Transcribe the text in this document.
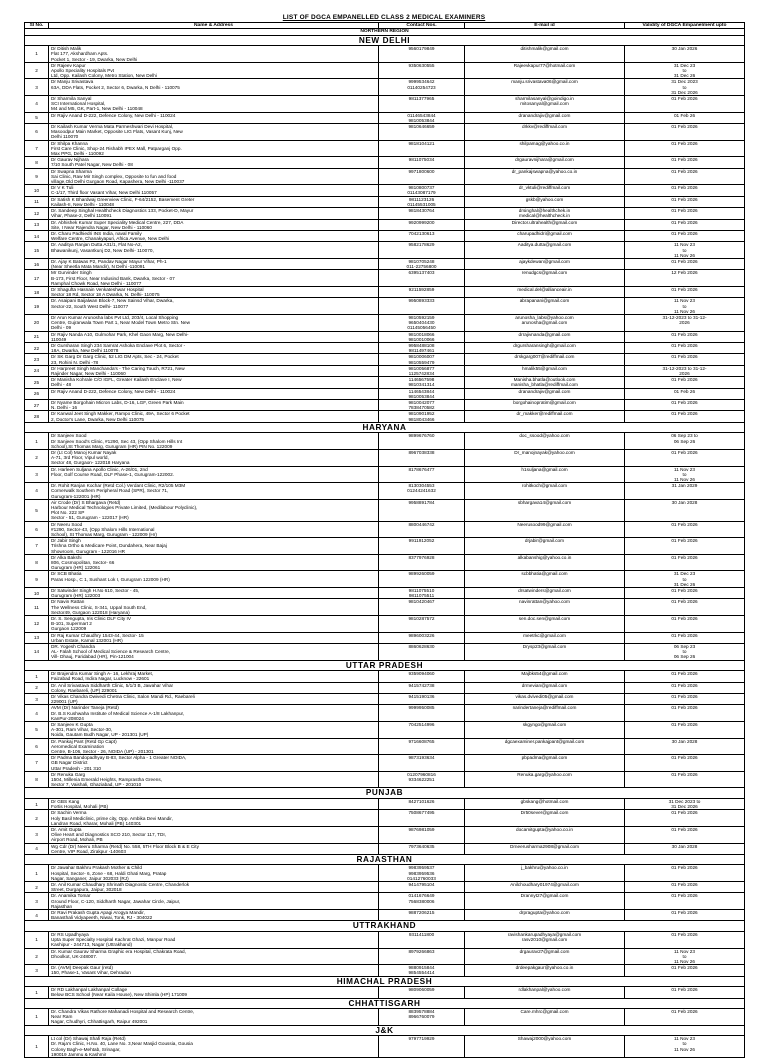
LIST OF DGCA EMPANELLED CLASS 2 MEDICAL EXAMINERS
Sl No.	Name & Address	Contact Nos.	E-mail id	Validity of DGCA Empanelment upto
NORTHERN REGION				
NEW DELHI				
1	Dr Ditish Malik
Flat 177, Akshardham Apts.
Pocket 1, Sector - 19, Dwarka, New Delhi	9560179849	ditishmalik@gmail.com	30 Jan 2026

2	Dr Rajeev Kapur
Apollo Speciality Hospitals Pvt
Ltd, Opp. Kailash Colony, Metro Station, New Delhi	9350630555	Rajeevkapur77@hotmail.com	31 Dec 23
to
31 Dec 26

3	Dr Manju Srivastava
63A, DDA Flats, Pocket 2, Sector 6, Dwarka, N Delhi - 110075	9999534642
01140254723	manju.srivastava06@gmail.com	31 Dec 2023
to
31 Dec 2026

4	Dr Sharmila Sanyal
SCI International Hospital,
M4 and M5, GK, Part-1, New Delhi - 110048	9811377965	sharmilasanyal@goindigo.in
mitosanyal@gmail.com	01 Feb 2026

5	Dr Rajiv Anand D-222, Defence Colony, New Delhi - 110024	01146543844
9810053844	dranandrajiv@gmail.com	01 Feb 26

6	Dr Kailash Kumar Verma Mata Parmeshwari Devi Hospital,
Masoodpur Main Market, Opposite LIG Flats, Vasant Kunj, New
Delhi 110070	9810646659	drkkv@rediffmail.com	01 Feb 2026

7	Dr Shilpa Khanna
First Care Clinic, Shop-24 Rishabh IPEX Mall, Patparganj Opp.
Max PPG, Delhi - 110092	9818104121	shilpamag@yahoo.co.in	01 Feb 2026

8	Dr Gaurav Nijhara
7/10 South Patel Nagar, New Delhi - 08	9811075034	drgauravnijhara@gmail.com	01 Feb 2026

9	Dr Swapna Sharma
Sai Clinic, Raw Mir Singh complex, Opposite to fun and food
village,Old Delhi Gurgaon Road, Kapashera, New Delhi -110037	9971800600	dr_pankajswapna@yahoo.co.in	01 Feb 2026

10	Dr V K Tuli
C-1/17, Third floor Vasant Vihar, New Delhi 110057	9810800737
01143087179	dr_vktuli@rediffmail.com	01 Feb 2026

11	Dr Satish K Bhardwaj Greenview Clinic, F-64/2152, Basement Greter
Kailash-II, New Delhi - 110048	9811123126
01145531005	gskb@yahoo.com	01 Feb 2026

12	Dr. Sandeep Singhal Healthcheck Diagnostics 133, Pocket-D, Mayur
Vihar, Phase-2, Delhi 110091	9818430764	drsinghal@healthchek.in
medical@healthcheck.in	01 Feb 2026

13	Dr. Abhishek Kumar Super Speciality Medical Centre, 227, DDA
Site, I Near Rajendra Nagar, New Delhi - 110060	9920999200	Director.ultrahealth@gmail.com	01 Feb 2026

14	Dr. Charu Padhiedri INS India, naval Family
Welfare Centre, Chanakyapuri, Africa Avenue, New Delhi	7042130613	charupadhidri@gmail.com	01 Feb 2026

15	Dr. Aaditya Ranjan Dutta A31/1, Flat No-A2,
Bhawanikunj, Vasantkunj D2, New Delhi- 110070,	9582178629	Aaditya.dutta@gmail.com	11 Nov 23
to
11 Nov 26

16	Dr. Ajay K Batwas P2, Pandav Nagar Mayur Vihar, Ph-1
(Near Sheetla Mata Mandir), N Delhi -110091	9810705248
011-22756800	ajaykdewan@gmail.com	01 Feb 2026

17	Mr Gurvinder Singh
B-173, First Floor, Near Indusind Bank, Dwarka, Sector - 07
Ramphal Chowk Road, New Delhi - 110077	6395137403	renudgcs@gmail.com	12 Feb 2026

18	Dr Shagufta Hasnain Venkateshwar Hospital
Sector 18 Rd, Sector 18 A Dwarka, N. Delhi- 110075	9211592859	medical.del@allianceair.in	01 Feb 2026

19	Dr. Asaipani Baijalwan Block-7, New Sainsd Vihar, Dwarka,
Sector-22, South West Delhi- 110077	9950893333	abrapanani@gmail.com	11 Nov 23
to
11 Nov 26

20	Dr Arun Kumar Arunosha labs Pvt Ltd, 203/4, Local Shopping
Centre, Gujranwala Town Part 1, Near Model Town Metro Stn. New
Delhi - 09	9810592159
9650404430
01145056450	arunosha_labs@yahoo.com
arunosha@gmail.com	31-12-2023 to 31-12-
2026

21	Dr Rajiv Nanda A10, Gulmohar Park, Khel Gaon Marg, New Delhi-
110049	9810018066
9810010066	drrajivnanda@gmail.com	01 Feb 2026

22	Dr Gursharan Singh 234 Samrat Ashoka Enclave Plot 6, Sector -
18A, Dwarka, New Delhi 110078	9958488108
9811497461	drgursharansingh@gmail.com	01 Feb 2026

23	Dr SK Garg Dr Garg Clinic, 52 LIG DM Apts, Sec - 24, Pocket
23, Rohini N. Delhi -78	9810006007
9810559479	drskgarg007@rediffmail.com	01 Feb 2026

24	Dr Harpreet Singh Manchanda's - The Caring Touch, R721, New
Rajinder Nagar, New Delhi - 110060	9810056877
1125742834	hmalik55@gmail.com	31-12-2023 to 31-12-
2026

25	Dr Manisha Kohrale C/O IGFL, Greater Kailash Enclave I, New
Delhi - 48	1146567598
9810341314	Manisha.bhatla@outlook.com
manisha_bhatla@rediffmail.com	01 Feb 2026

26	Dr Rajiv Anand D-222, Defence Colony, New Delhi - 110024	1146543844
9810053844	dranandrajiv@gmail.com	01 Feb 26

27	Dr Nyame Borgohain Micron Labs, D-16, LGF, Green Park Main
N. Delhi - 16	9810042077
7838470582	borgohainopratim@gmail.com	01 Feb 2026

28	Dr Kanwal Jeet Singh Makker, Rampo Clinic, 49A, Sector 6 Pocket
2, Doctor's Lane, Dwarka, New Delhi 110075	9810901952
9818043466	dr_makker@rediffmail.com	01 Feb 2026

HARYANA				
1	Dr Sanjeev Sood
Dr Sanjeev Sood's Clinic, #1290, Sec 43, (Opp Shalom Hills Int
School),St Thomas Marg, Gurugram (HR) PIN No. 122009	9899676760	doc_ssood@yahoo.com	06 Sep 23 to
06 Sep 26

2	Dr (Lt Col) Manoj Kumar Nayak
A-71, 3rd Floor, Vipul world,
Sector 48, Gurgaon- 122018 Haryana	8967038338	Dr_manojnayak@yahoo.com	01 Feb 2026

3	Dr. Harleen Suljana Apollo Clinic, A-26/01, 2nd
Floor, Golf Course Road, DLF Phase-1, Gurugram-122002.	8178676477	h1suljana@gmail.com	11 Nov 23
to
11 Nov 26

4	Dr. Rohit Ranjan Kochar (Retd Col.) Verdant Clinic, R2/105 M3M
Cornerwalk Southern Peripheral Road (SPR), Sector 71,
Gurugram-122001 (HR)	8130304553
01244241632	rohitkoch@gmail.com	31 Jan 2029

5	Air Crode (Dr) S Bhargava (Retd)
Harbour Medical Technologies Private Limited, (Medilabour Polyclinic),
Plot No. 222 SP
Sector - 51, Gurugram - 122017 (HR)	9958891784	sbhargava14@gmail.com	30 Jan 2028

6	Dr Neeru Sood
#1290, Sector-43, (Opp Shalom Hills International
School), St Thomas Marg, Gurugram - 122009 (Hr)	8800446742	Neerusood99@gmail.com	01 Feb 2026

7	Dr Jabir Singh
Trishna Ortho & Medicare Point, Dundahera, Near Bajaj
Showroom, Gurugram - 122016 HR	9911912052	drjabir@gmail.com	01 Feb 2026

8	Dr Alka Bakshi
806, Cosmopolitan, Sector- 66
Gurugram (HR) 122061	8377976928	alkabanshig@yahoo.co.in	01 Feb 2026

9	Dr SCB Bhatia
Paras Hosp., C 1, Sushant Lok I, Gurugram 122009 (HR)	9899260059	scbbhatia@gmail.com	31 Dec 23
to
31 Dec 26

10	Dr Satwinder Singh H.No 610, Sector - 45,
Gurugram (HR) 122003	9811075510
9811075511	drsatwinders@gmail.com	01 Feb 2026

11	Dr Navin Rattan
The Wellness Clinic, S-341, Uppal South End,
Sector49, Gurgaon 122018 (Haryana)	9810420467	navinrattan@yahoo.com	01 Feb 2026

12	Dr. S. Sengupta, Iris Clinic DLF City IV
B-101, Supermart 2
Gurgaon 122009	9810287572	sen.doc.sen@gmail.com	01 Feb 2026

13	Dr Raj Kumar Chaudhry 1543-44, Sector- 15
Urban Estate, Karnal 132001 (HR)	9896003226	meetrkc@gmail.com	01 Feb 2026

14	DR. Yogesh Chandra
AL- Falah School of Medical Science & Research Centre,
Vill- Dhauj, Faridabad (HR), Pin-121004	8860628630	Drysp23@gmail.com	06 Sep 23
to
06 Sep 26

UTTAR PRADESH				
1	Dr Brajendra Kumar Singh A- 16, Lekhraj Market,
Faizabad Road, Indira Nagar, Lucknow - 22601	9359094060	Majbks54@gmail.com	01 Feb 2026

2	Dr. Anil Srivastava Siddharth Clinic, 5/1/3 B, Jawahar Vihar
Colony, Raebareli, (UP) 229001	9415742738	drmevian@gmail.com	01 Feb 2026

3	Dr Vikas Chandra Dwivedi Chetna Clinic, Salon Mandi Rd., Raebareli
229001 (UP)	9415190136	vikas.dvivedi05@gmail.com	01 Feb 2026

4	AVM (Dr) Narinder Taneja (Retd)
Dr. B.S Kushwaha Institute of Medical Science A-1/8 Lakhanpur,
KanPur-208024	9999950085	narindertaneja@rediffmail.com	01 Feb 2026

5	Dr Sanjeev K Gupta
A-301, Ram Vihar, Sector-30,
Noida, Gautam Budh Nagar, UP - 201301 (UP)	7042514996	skgyngo@gmail.com	01 Feb 2026

6	Dr. Pankaj Pant (Retd Gp Capt)
Aeromedical Examination
Centre, B-106, Sector - 26, NOIDA (UP) - 201301	9716608765	dgcaexaminer.pankajpant@gmail.com	30 Jan 2028

7	Dr Padma Bandopadhyay B-83, Sector Alpha - 1 Greater NOIDA,
GB Nagar District
Uttar Pradesh - 201 310	9873193634	pbpadma@gmail.com	01 Feb 2026

8	Dr Renuka Garg
1504, Millenia Emerald Heights, Ramprastha Greens,
Sector 7, Vaishali, Ghaziabad, UP - 201010	01207960816
9334622251	Renuka.garg@yahoo.com	01 Feb 2026

PUNJAB				
1	Dr GBS Kang
Fortis Hospital, Mohali (PB)	8427101626	gbskang@hotmail.com	31 Dec 2023 to
31 Dec 2026

2	Dr Sachin Verma
Holy Basil Mediclinic, prime city, Opp. Ambika Devi Mandir,
Landran Road, Kharar, Mohali (PB) 140301	7508677495	Dr50sever@gmail.com	01 Feb 2026

3	Dr. Amit Gupta
Olive Heart and Diagnostics SCO 210, Sector 117, TDI,
Airport Road, Mohali, PB	9876981059	docamitgupta@yahoo.co.in	01 Feb 2026

4	Wg Cdr (Dr) Neeru Sharma (Retd) No. 558, 5TH Floor Block B & E City
Centre, VIP Road, Zirakpur -140603	7973640635	Drneerusharma2908@gmail.com	30 Jan 2028

RAJASTHAN				
1	Dr Jawahar Bakhru Prakash Mother & Child
Hospital, Sector- 6, Zone - 68, Haldi Ghati Marg, Pratap
Nagar, Sanganer, Jaipur 302033 (RJ)	9983959537
9983959536
01412760033	j_bakhru@yahoo.co.in	01 Feb 2026

2	Dr. Anil Kumar Chaudhary Shrinath Diagnostic Centre, Chanderlok
Street, Durgapura, Jaipur, 302018	9414795104	Anilchoudhary01974@gmail.com	01 Feb 2026

3	Dr. Anamika Tomar
Ground Floor, C-120, Siddharth Nagar, Jawahar Circle, Jaipur,
Rajasthan	0141676649
7568380006	Drannyt27@gmail.com	01 Feb 2026

4	Dr Ravi Prakash Gupta Apagi Arogya Mandir,
Banasthali Vidyapeeth, Niwai, Tonk, RJ - 304022	9887206215	drpragupta@yahoo.com	01 Feb 2026

UTTRAKHAND				
1	Dr RS Upadhyaya
Upta Super Specialty Hospital Kachrat Ghazi, Manpur Road
Kashipur - 244713, Nagar (Uttrakhand)	9311411800	ravishankarupadhyaya@gmail.com
rasv2010@gmail.com	01 Feb 2026

2	Dr. Kumar Gaurav Sharma Graphic era Hospital, Chakrata Road,
Dhoolkot, UK-248007.	8979266863	drgaurav27@gmail.com	11 Nov 23
to
11 Nov 26

3	Dr. (AVM) Deepak Gaur (retd)
150, Phase-1, Vasant Vihar, Dehradun	9880915844
9854554414	drdeepakgaur@yahoo.co.in	01 Feb 2026

HIMACHAL PRADESH				
1	Dr RD Lakhanpal Lakhanpal Collage
Below BCS School (Near Kaila House), New Shimla (HP) 171009	9809060059	rdlakhanpal@yahoo.com	01 Feb 2026

CHHATTISGARH				
1	Dr. Chandra Vikas Rathore Mahanadi Hospital and Research Centre,
Near Ram
Nagar, Chudhyri, Chhattisgarh, Raipur 492001	8839578884
8966760079	Care.mhrc@gmail.com	01 Feb 2026

J&K				
1	Lt col (Dr) Shawaj Shafi Raja (Retd)
Dr. Raja's Clinic, H.No. 40, Lane No. 3,Near Masjid Goussia, Gousia
Colony Bagh-e-Mehtab, Srinagar,
190019 Jammu & Kashmir	9797719929	Shawaj2000@yahoo.com	11 Nov 23
to
11 Nov 26
